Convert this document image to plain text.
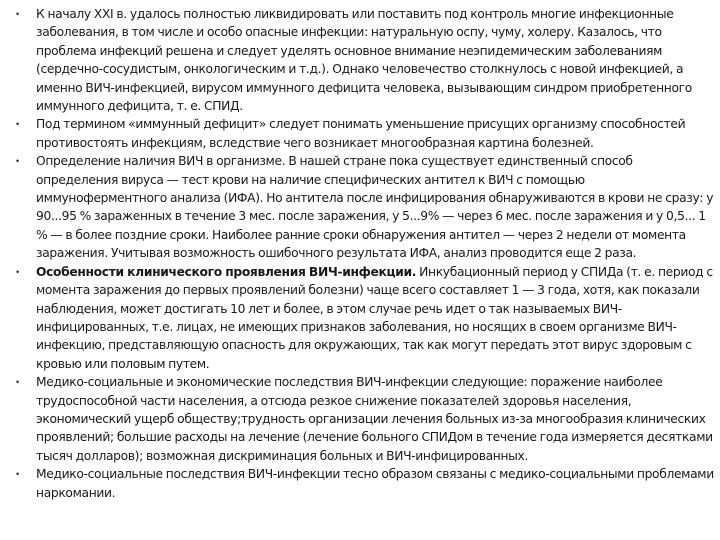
•	К началу XXI в. удалось полностью ликвидировать или поставить под контроль многие инфекционные заболевания, в том числе и особо опасные инфекции: натуральную оспу, чуму, холеру. Казалось, что проблема инфекций решена и следует уделять основное внимание неэпидемическим заболеваниям (сердечно-сосудистым, онкологическим и т.д.). Однако человечество столкнулось с новой инфекцией, а именно ВИЧ-инфекцией, вирусом иммунного дефицита человека, вызывающим синдром приобретенного иммунного дефицита, т. е. СПИД.
•	Под термином «иммунный дефицит» следует понимать уменьшение присущих организму способностей противостоять инфекциям, вследствие чего возникает многообразная картина болезней.
•	Определение наличия ВИЧ в организме. В нашей стране пока существует единственный способ определения вируса — тест крови на наличие специфических антител к ВИЧ с помощью иммуноферментного анализа (ИФА). Но антитела после инфицирования обнаруживаются в крови не сразу: у 90...95 % зараженных в течение 3 мес. после заражения, у 5...9% — через 6 мес. после заражения и у 0,5... 1 % — в более поздние сроки. Наиболее ранние сроки обнаружения антител — через 2 недели от момента заражения. Учитывая возможность ошибочного результата ИФА, анализ проводится еще 2 раза.
•	Особенности клинического проявления ВИЧ-инфекции. Инкубационный период у СПИДа (т. е. период с момента заражения до первых проявлений болезни) чаще всего составляет 1 — 3 года, хотя, как показали наблюдения, может достигать 10 лет и более, в этом случае речь идет о так называемых ВИЧ-инфицированных, т.е. лицах, не имеющих признаков заболевания, но носящих в своем организме ВИЧ-инфекцию, представляющую опасность для окружающих, так как могут передать этот вирус здоровым с кровью или половым путем.
•	Медико-социальные и экономические последствия ВИЧ-инфекции следующие: поражение наиболее трудоспособной части населения, а отсюда резкое снижение показателей здоровья населения, экономический ущерб обществу;трудность организации лечения больных из-за многообразия клинических проявлений; большие расходы на лечение (лечение больного СПИДом в течение года измеряется десятками тысяч долларов); возможная дискриминация больных и ВИЧ-инфицированных.
•	Медико-социальные последствия ВИЧ-инфекции тесно образом связаны с медико-социальными проблемами наркомании.
